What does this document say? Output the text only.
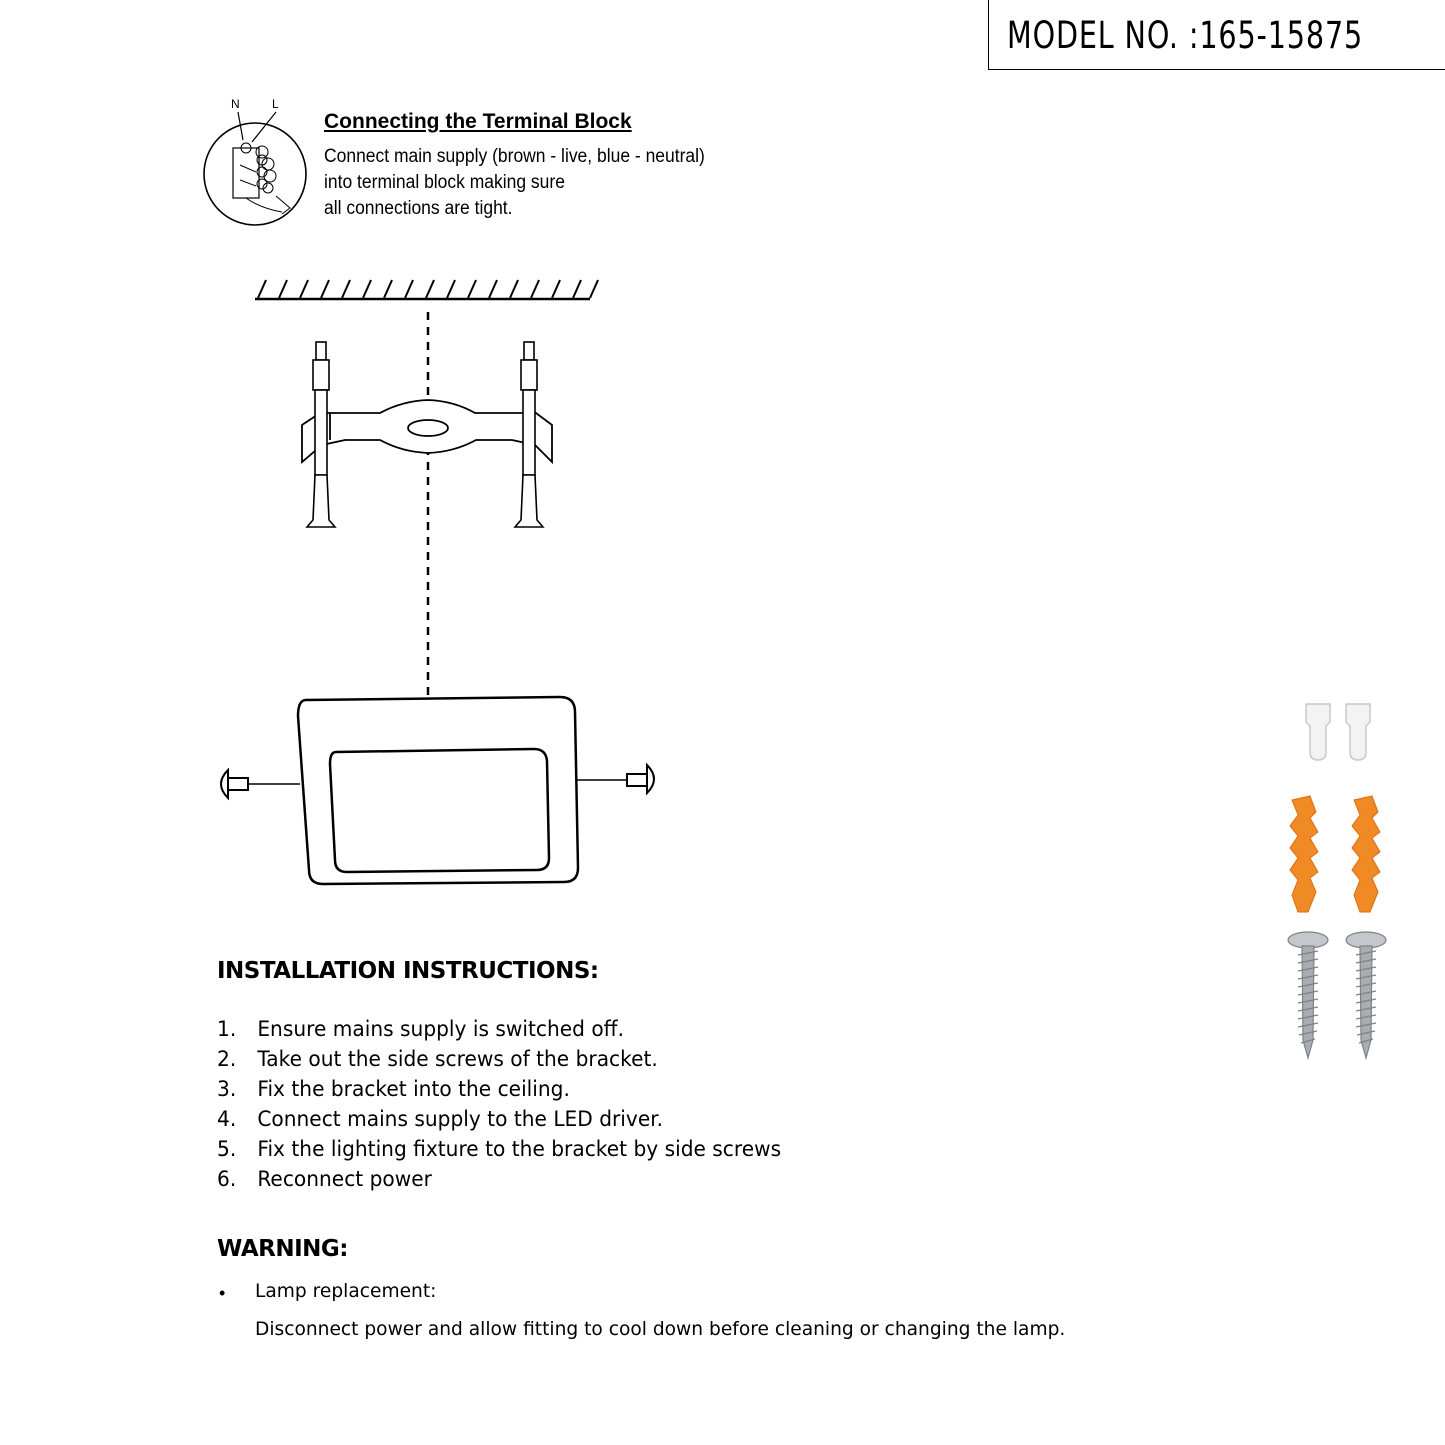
MODEL NO. :165-15875
Connecting the Terminal Block
Connect main supply (brown - live, blue - neutral)
into terminal block making sure
all connections are tight.
N	L
INSTALLATION INSTRUCTIONS:
1. Ensure mains supply is switched off.
2. Take out the side screws of the bracket.
3. Fix the bracket into the ceiling.
4. Connect mains supply to the LED driver.
5. Fix the lighting fixture to the bracket by side screws
6. Reconnect power
WARNING:
• Lamp replacement:
Disconnect power and allow fitting to cool down before cleaning or changing the lamp.
